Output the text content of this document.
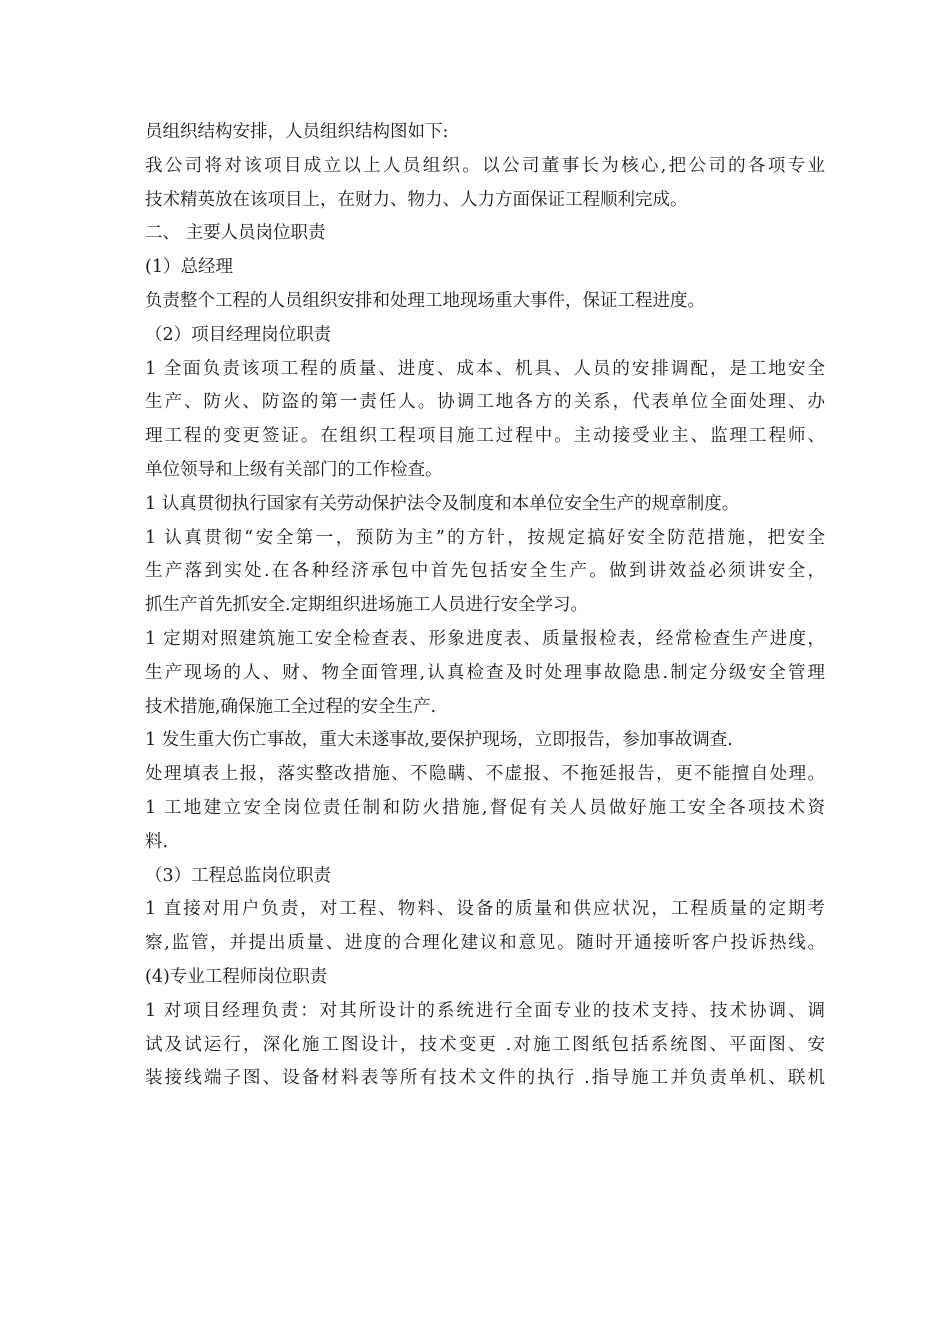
员组织结构安排，人员组织结构图如下:
我公司将对该项目成立以上人员组织。以公司董事长为核心,把公司的各项专业
技术精英放在该项目上，在财力、物力、人力方面保证工程顺利完成。
二、 主要人员岗位职责
(1）总经理
负责整个工程的人员组织安排和处理工地现场重大事件，保证工程进度。
（2）项目经理岗位职责
1 全面负责该项工程的质量、进度、成本、机具、人员的安排调配，是工地安全
生产、防火、防盗的第一责任人。协调工地各方的关系，代表单位全面处理、办
理工程的变更签证。在组织工程项目施工过程中。主动接受业主、监理工程师、
单位领导和上级有关部门的工作检查。
1 认真贯彻执行国家有关劳动保护法令及制度和本单位安全生产的规章制度。
1 认真贯彻“安全第一，预防为主”的方针，按规定搞好安全防范措施，把安全
生产落到实处.在各种经济承包中首先包括安全生产。做到讲效益必须讲安全，
抓生产首先抓安全.定期组织进场施工人员进行安全学习。
1 定期对照建筑施工安全检查表、形象进度表、质量报检表，经常检查生产进度，
生产现场的人、财、物全面管理,认真检查及时处理事故隐患.制定分级安全管理
技术措施,确保施工全过程的安全生产.
1 发生重大伤亡事故，重大未遂事故,要保护现场，立即报告，参加事故调查.
处理填表上报，落实整改措施、不隐瞒、不虚报、不拖延报告，更不能擅自处理。
1 工地建立安全岗位责任制和防火措施,督促有关人员做好施工安全各项技术资
料.
（3）工程总监岗位职责
1 直接对用户负责，对工程、物料、设备的质量和供应状况，工程质量的定期考
察,监管，并提出质量、进度的合理化建议和意见。随时开通接听客户投诉热线。
(4)专业工程师岗位职责
1 对项目经理负责：对其所设计的系统进行全面专业的技术支持、技术协调、调
试及试运行，深化施工图设计，技术变更 .对施工图纸包括系统图、平面图、安
装接线端子图、设备材料表等所有技术文件的执行 .指导施工并负责单机、联机
